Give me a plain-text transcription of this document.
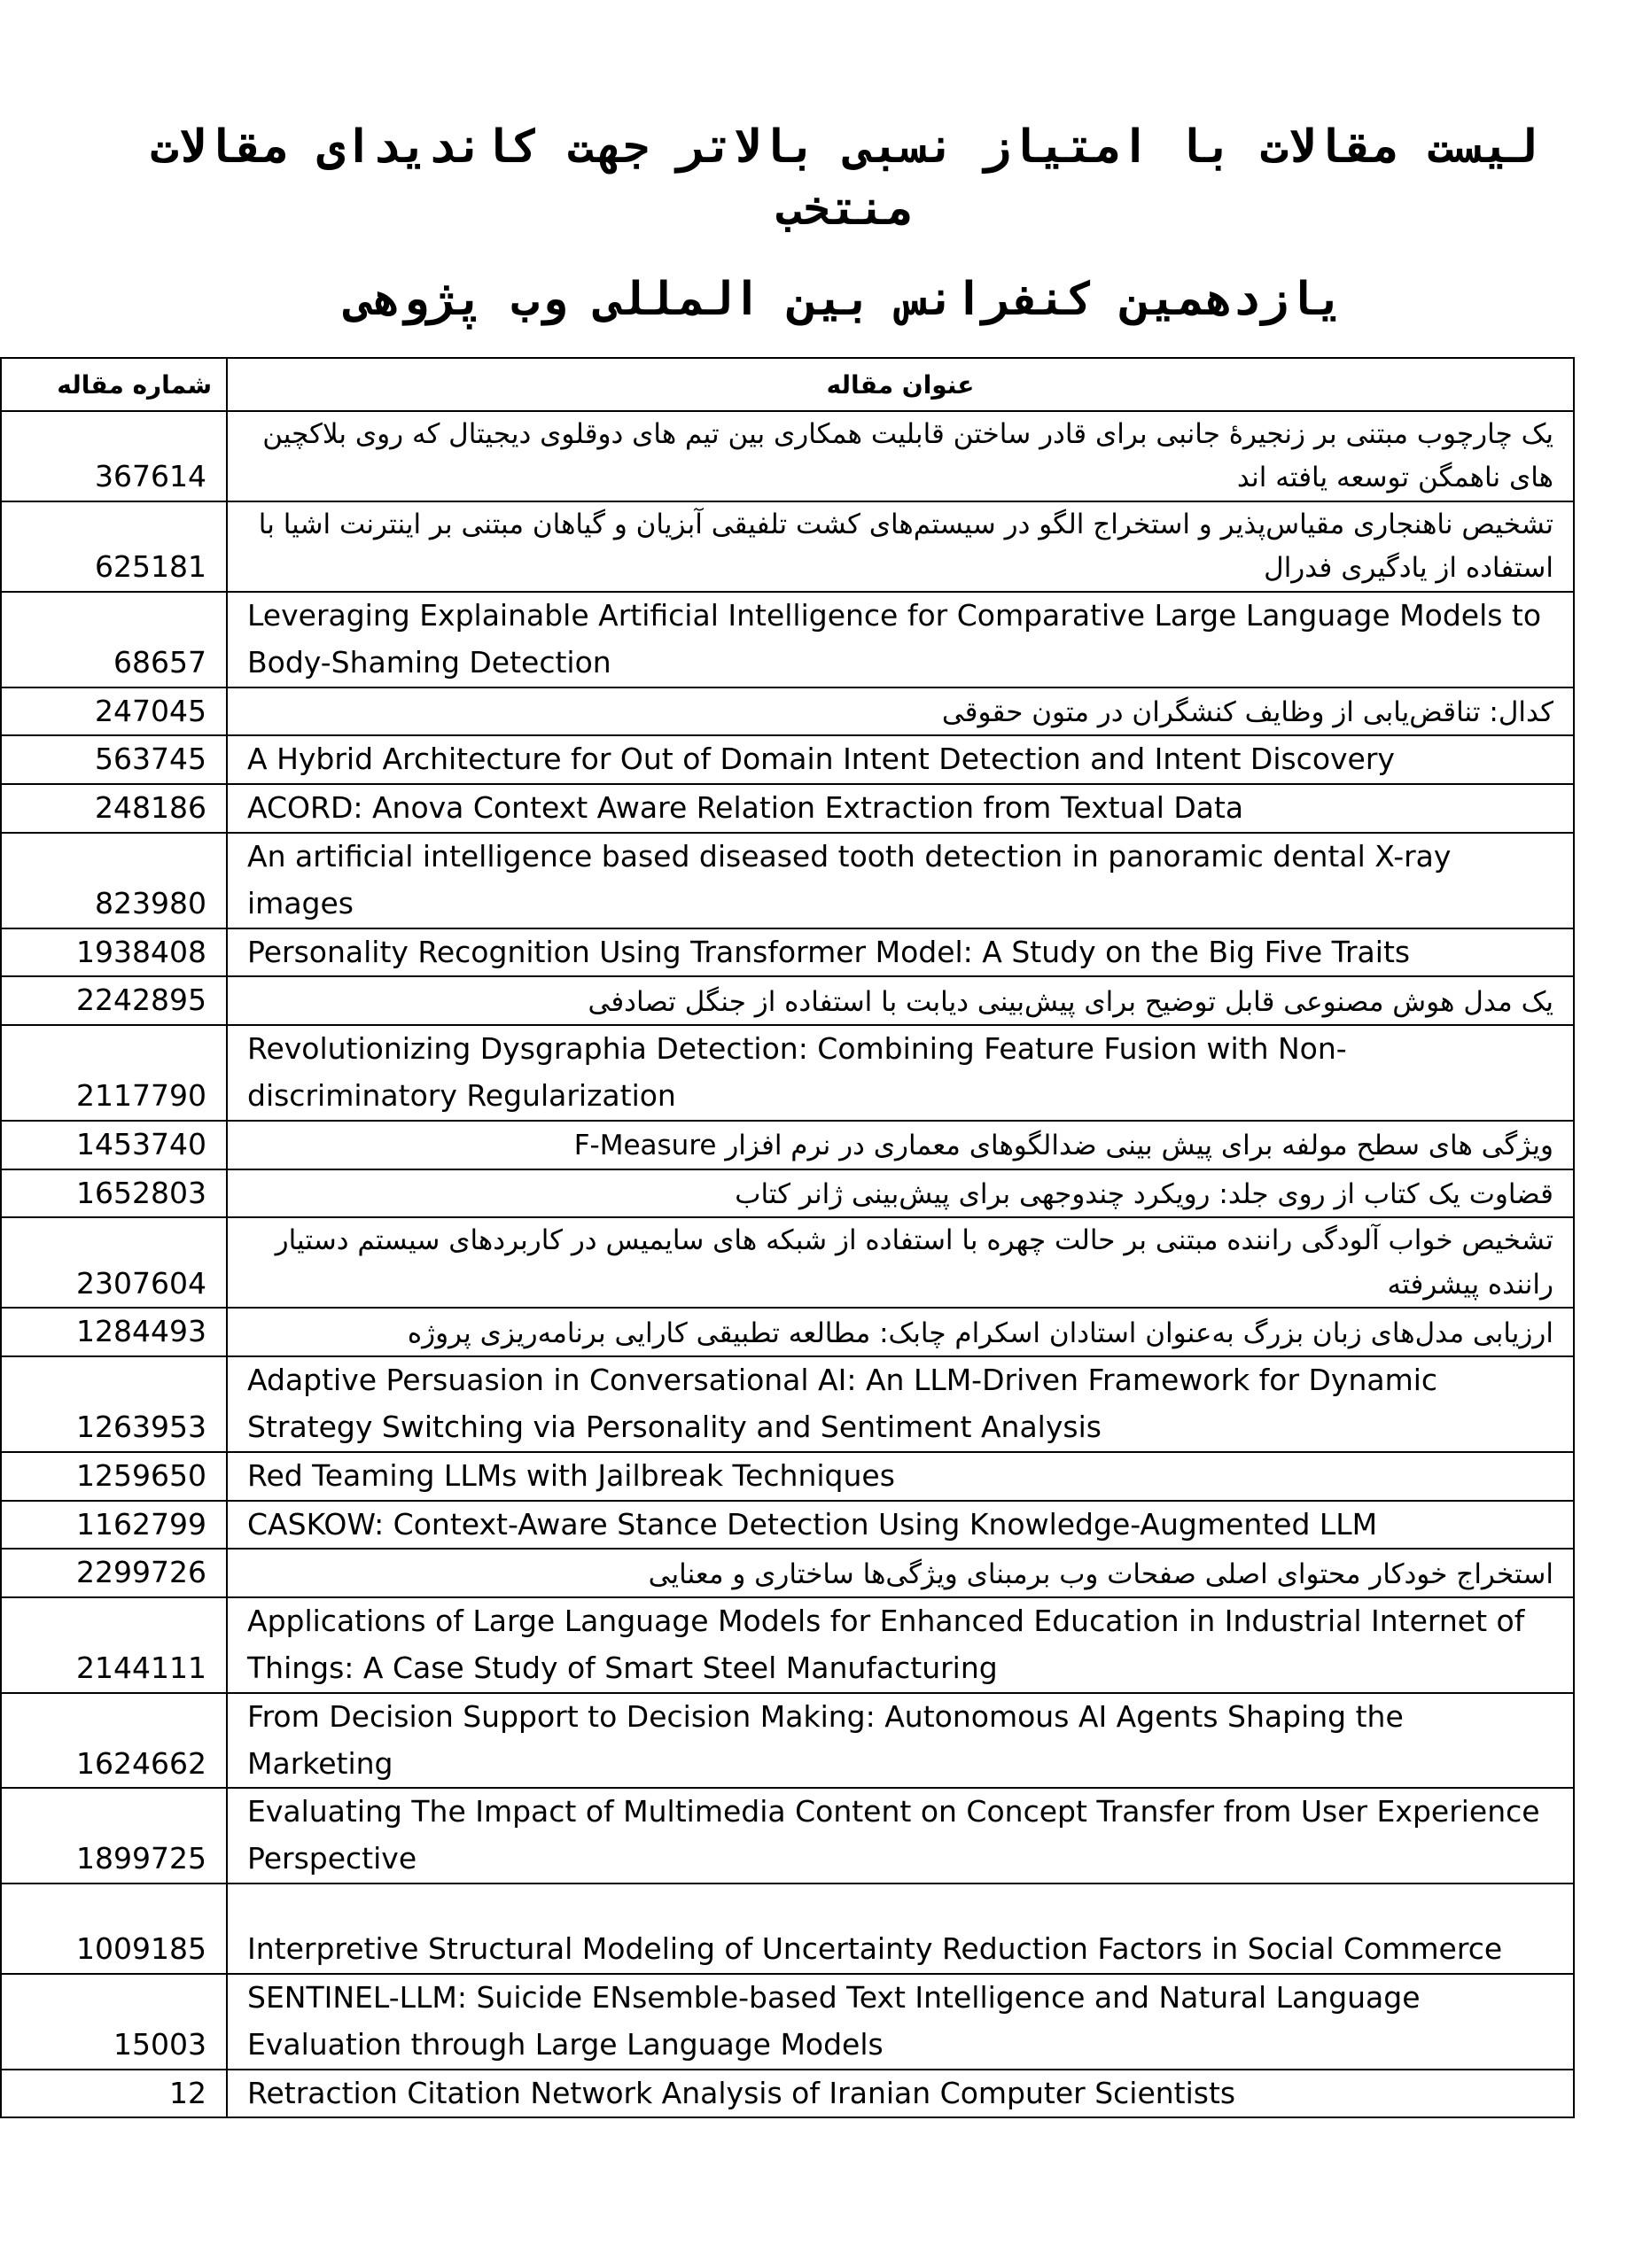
لیست مقالات با امتیاز نسبی بالاتر جهت کاندیدای مقالات
منتخب
یازدهمین کنفرانس بین المللی وب پژوهی
شماره مقاله	عنوان مقاله
367614	یک چارچوب مبتنی بر زنجیرهٔ جانبی برای قادر ساختن قابلیت همکاری بین تیم های دوقلوی دیجیتال که روی بلاکچین های ناهمگن توسعه یافته اند
625181	تشخیص ناهنجاری مقیاس‌پذیر و استخراج الگو در سیستم‌های کشت تلفیقی آبزیان و گیاهان مبتنی بر اینترنت اشیا با استفاده از یادگیری فدرال
68657	Leveraging Explainable Artificial Intelligence for Comparative Large Language Models to Body-Shaming Detection
247045	کدال: تناقض‌یابی از وظایف کنشگران در متون حقوقی
563745	A Hybrid Architecture for Out of Domain Intent Detection and Intent Discovery
248186	ACORD: Anova Context Aware Relation Extraction from Textual Data
823980	An artificial intelligence based diseased tooth detection in panoramic dental X-ray images
1938408	Personality Recognition Using Transformer Model: A Study on the Big Five Traits
2242895	یک مدل هوش مصنوعی قابل توضیح برای پیش‌بینی دیابت با استفاده از جنگل تصادفی
2117790	Revolutionizing Dysgraphia Detection: Combining Feature Fusion with Non-discriminatory Regularization
1453740	ویژگی های سطح مولفه برای پیش بینی ضدالگوهای معماری در نرم افزار F-Measure
1652803	قضاوت یک کتاب از روی جلد: رویکرد چندوجهی برای پیش‌بینی ژانر کتاب
2307604	تشخیص خواب آلودگی راننده مبتنی بر حالت چهره با استفاده از شبکه های سایمیس در کاربردهای سیستم دستیار راننده پیشرفته
1284493	ارزیابی مدل‌های زبان بزرگ به‌عنوان استادان اسکرام چابک: مطالعه تطبیقی کارایی برنامه‌ریزی پروژه
1263953	Adaptive Persuasion in Conversational AI: An LLM-Driven Framework for Dynamic Strategy Switching via Personality and Sentiment Analysis
1259650	Red Teaming LLMs with Jailbreak Techniques
1162799	CASKOW: Context-Aware Stance Detection Using Knowledge-Augmented LLM
2299726	استخراج خودکار محتوای اصلی صفحات وب برمبنای ویژگی‌ها ساختاری و معنایی
2144111	Applications of Large Language Models for Enhanced Education in Industrial Internet of Things: A Case Study of Smart Steel Manufacturing
1624662	From Decision Support to Decision Making: Autonomous AI Agents Shaping the Marketing
1899725	Evaluating The Impact of Multimedia Content on Concept Transfer from User Experience Perspective
1009185	Interpretive Structural Modeling of Uncertainty Reduction Factors in Social Commerce
15003	SENTINEL-LLM: Suicide ENsemble-based Text Intelligence and Natural Language Evaluation through Large Language Models
12	Retraction Citation Network Analysis of Iranian Computer Scientists
